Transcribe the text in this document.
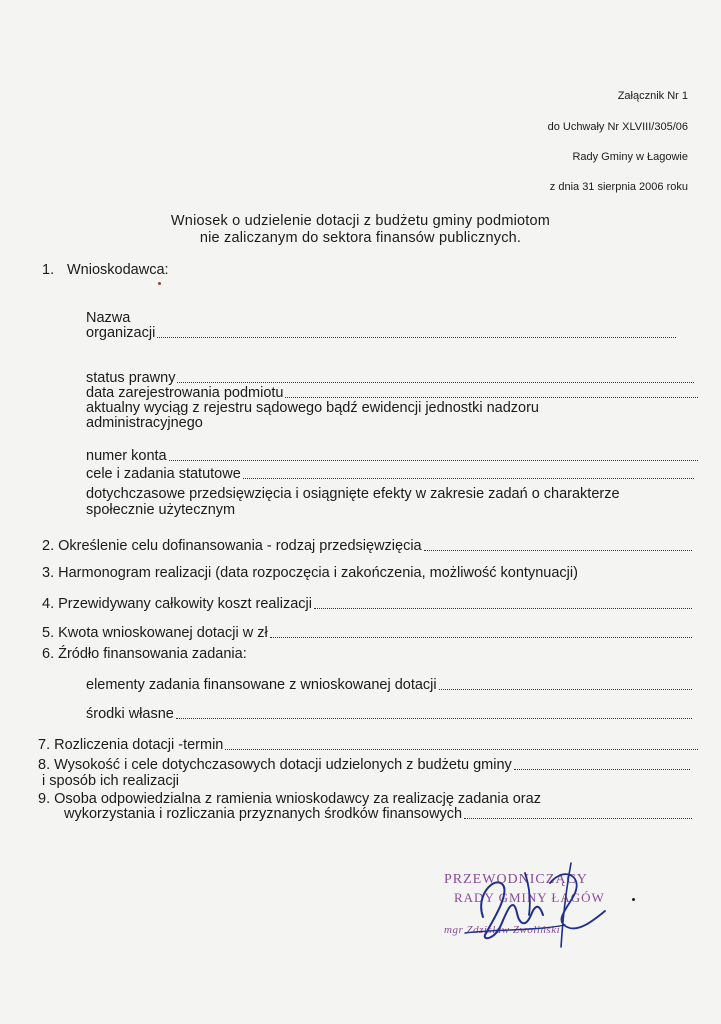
Załącznik Nr 1
do Uchwały Nr XLVIII/305/06
Rady Gminy w Łagowie
z dnia 31 sierpnia 2006 roku
Wniosek o udzielenie dotacji z budżetu gminy podmiotom
nie zaliczanym do sektora finansów publicznych.
1. Wnioskodawca:
Nazwa
organizacji
status prawny
data zarejestrowania podmiotu
aktualny wyciąg z rejestru sądowego bądź ewidencji jednostki nadzoru
administracyjnego
numer konta
cele i zadania statutowe
dotychczasowe przedsięwzięcia i osiągnięte efekty w zakresie zadań o charakterze
społecznie użytecznym
2. Określenie celu dofinansowania - rodzaj przedsięwzięcia
3. Harmonogram realizacji (data rozpoczęcia i zakończenia, możliwość kontynuacji)
4. Przewidywany całkowity koszt realizacji
5. Kwota wnioskowanej dotacji w zł
6. Źródło finansowania zadania:
elementy zadania finansowane z wnioskowanej dotacji
środki własne
7. Rozliczenia dotacji -termin
8. Wysokość i cele dotychczasowych dotacji udzielonych z budżetu gminy
i sposób ich realizacji
9. Osoba odpowiedzialna z ramienia wnioskodawcy za realizację zadania oraz
wykorzystania i rozliczania przyznanych środków finansowych
PRZEWODNICZĄCY
RADY GMINY ŁAGÓW
mgr Zdzisław Zwoliński
